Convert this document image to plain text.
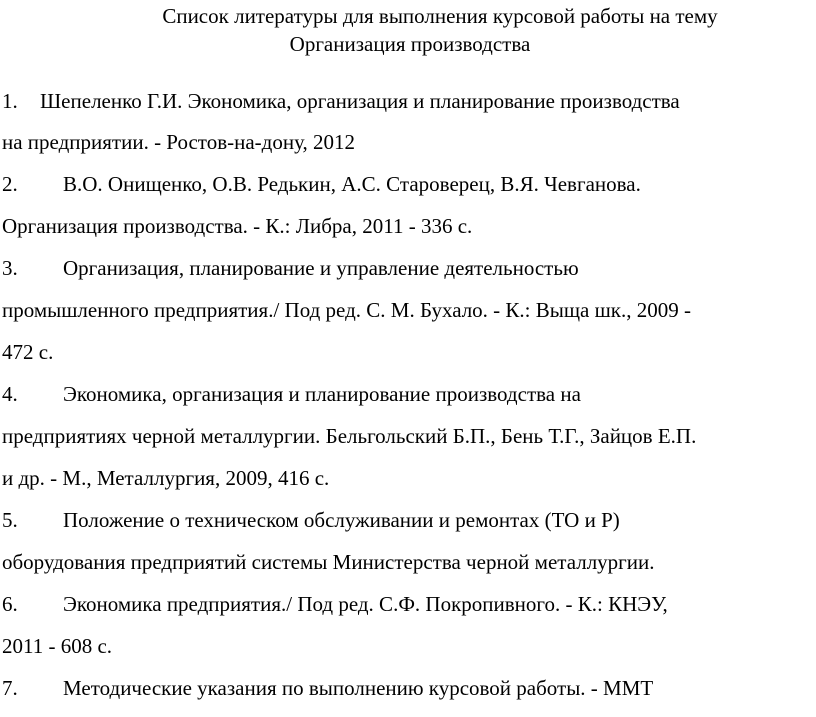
Список литературы для выполнения курсовой работы на тему
Организация производства
1. Шепеленко Г.И. Экономика, организация и планирование производства
на предприятии. - Ростов-на-дону, 2012
2. В.О. Онищенко, О.В. Редькин, А.С. Староверец, В.Я. Чевганова.
Организация производства. - К.: Либра, 2011 - 336 с.
3. Организация, планирование и управление деятельностью
промышленного предприятия./ Под ред. С. М. Бухало. - К.: Выща шк., 2009 -
472 с.
4. Экономика, организация и планирование производства на
предприятиях черной металлургии. Бельгольский Б.П., Бень Т.Г., Зайцов Е.П.
и др. - М., Металлургия, 2009, 416 с.
5. Положение о техническом обслуживании и ремонтах (ТО и Р)
оборудования предприятий системы Министерства черной металлургии.
6. Экономика предприятия./ Под ред. С.Ф. Покропивного. - К.: КНЭУ,
2011 - 608 с.
7. Методические указания по выполнению курсовой работы. - ММТ
